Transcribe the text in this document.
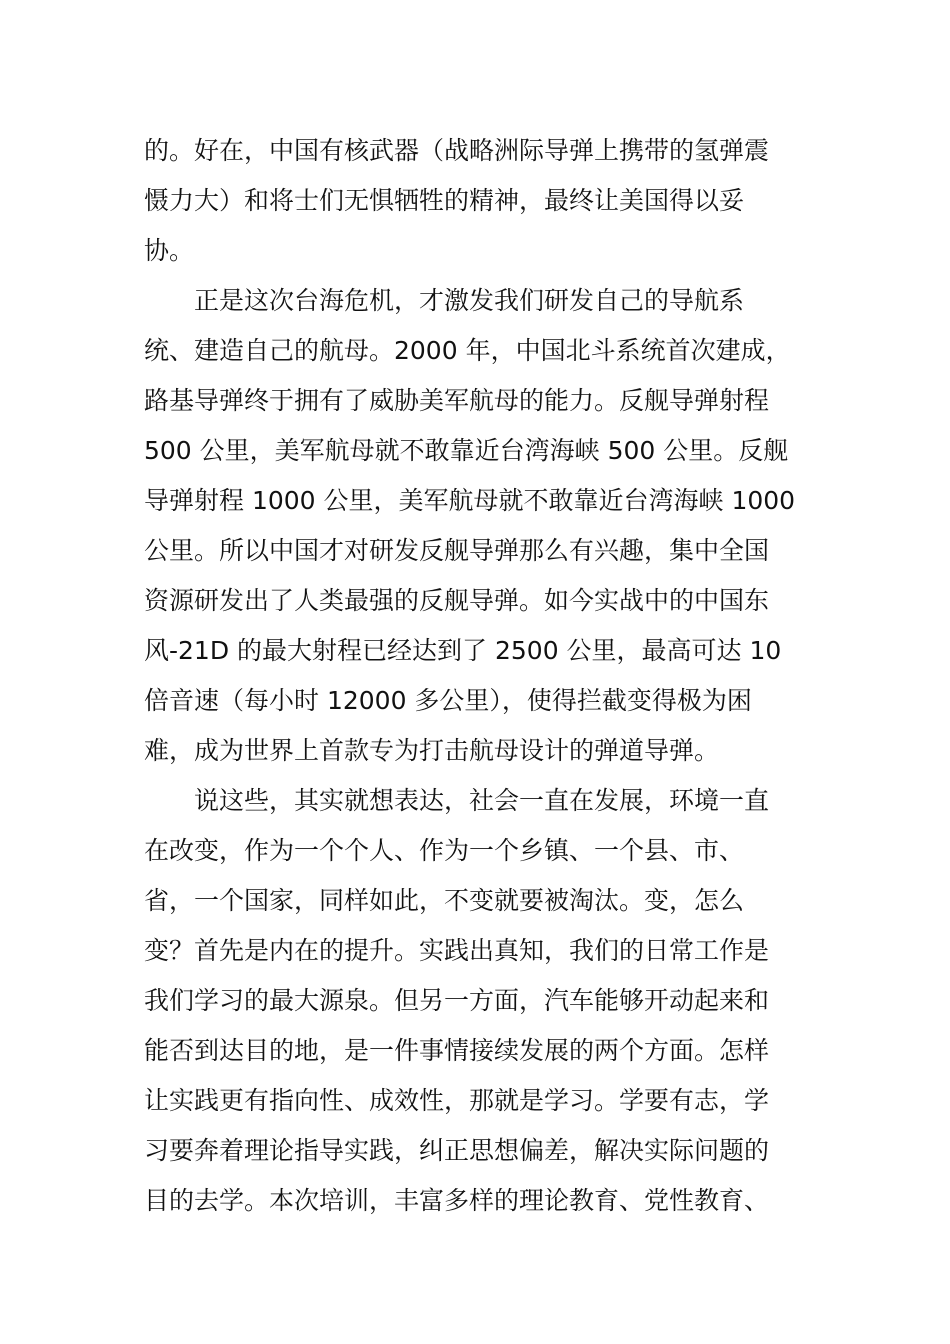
的。好在，中国有核武器（战略洲际导弹上携带的氢弹震
慑力大）和将士们无惧牺牲的精神，最终让美国得以妥
协。
　　正是这次台海危机，才激发我们研发自己的导航系
统、建造自己的航母。2000 年，中国北斗系统首次建成，
路基导弹终于拥有了威胁美军航母的能力。反舰导弹射程
500 公里，美军航母就不敢靠近台湾海峡 500 公里。反舰
导弹射程 1000 公里，美军航母就不敢靠近台湾海峡 1000
公里。所以中国才对研发反舰导弹那么有兴趣，集中全国
资源研发出了人类最强的反舰导弹。如今实战中的中国东
风-21D 的最大射程已经达到了 2500 公里，最高可达 10
倍音速（每小时 12000 多公里），使得拦截变得极为困
难，成为世界上首款专为打击航母设计的弹道导弹。
　　说这些，其实就想表达，社会一直在发展，环境一直
在改变，作为一个个人、作为一个乡镇、一个县、市、
省，一个国家，同样如此，不变就要被淘汰。变，怎么
变？首先是内在的提升。实践出真知，我们的日常工作是
我们学习的最大源泉。但另一方面，汽车能够开动起来和
能否到达目的地，是一件事情接续发展的两个方面。怎样
让实践更有指向性、成效性，那就是学习。学要有志，学
习要奔着理论指导实践，纠正思想偏差，解决实际问题的
目的去学。本次培训，丰富多样的理论教育、党性教育、
